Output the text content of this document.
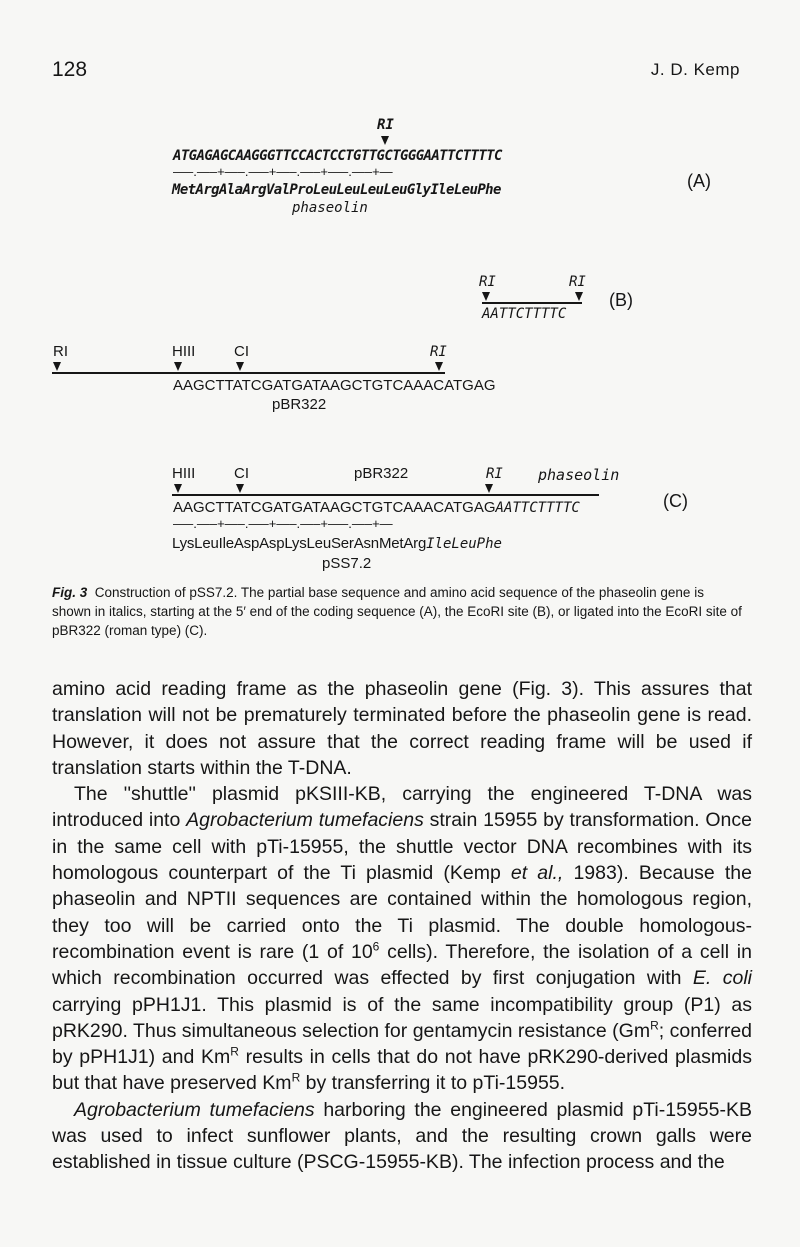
128	J. D. Kemp
RI
ATGAGAGCAAGGGTTCCACTCCTGTTGCTGGGAATTCTTTTC
—–.—–+—–.—–+—–.—–+—–.—–+—
MetArgAlaArgValProLeuLeuLeuLeuGlyIleLeuPhe
phaseolin
(A)
RI	RI
AATTCTTTTC
(B)
RI	HIII	CI	RI
AAGCTTATCGATGATAAGCTGTCAAACATGAG
pBR322
HIII	CI	pBR322	RI phaseolin
AAGCTTATCGATGATAAGCTGTCAAACATGAGAATTCTTTTC
—–.—–+—–.—–+—–.—–+—–.—–+—
LysLeuIleAspAspLysLeuSerAsnMetArgIleLeuPhe
pSS7.2
(C)
Fig. 3 Construction of pSS7.2. The partial base sequence and amino acid sequence of the phaseolin gene is shown in italics, starting at the 5′ end of the coding sequence (A), the EcoRI site (B), or ligated into the EcoRI site of pBR322 (roman type) (C).

amino acid reading frame as the phaseolin gene (Fig. 3). This assures that translation will not be prematurely terminated before the phaseolin gene is read. However, it does not assure that the correct reading frame will be used if translation starts within the T-DNA.

The ''shuttle'' plasmid pKSIII-KB, carrying the engineered T-DNA was introduced into Agrobacterium tumefaciens strain 15955 by transformation. Once in the same cell with pTi-15955, the shuttle vector DNA recombines with its homologous counterpart of the Ti plasmid (Kemp et al., 1983). Because the phaseolin and NPTII sequences are contained within the homologous region, they too will be carried onto the Ti plasmid. The double homologous-recombination event is rare (1 of $10^6$ cells). Therefore, the isolation of a cell in which recombination occurred was effected by first conjugation with E. coli carrying pPH1J1. This plasmid is of the same incompatibility group (P1) as pRK290. Thus simultaneous selection for gentamycin resistance ($Gm^R$; conferred by pPH1J1) and $Km^R$ results in cells that do not have pRK290-derived plasmids but that have preserved $Km^R$ by transferring it to pTi-15955.

Agrobacterium tumefaciens harboring the engineered plasmid pTi-15955-KB was used to infect sunflower plants, and the resulting crown galls were established in tissue culture (PSCG-15955-KB). The infection process and the
